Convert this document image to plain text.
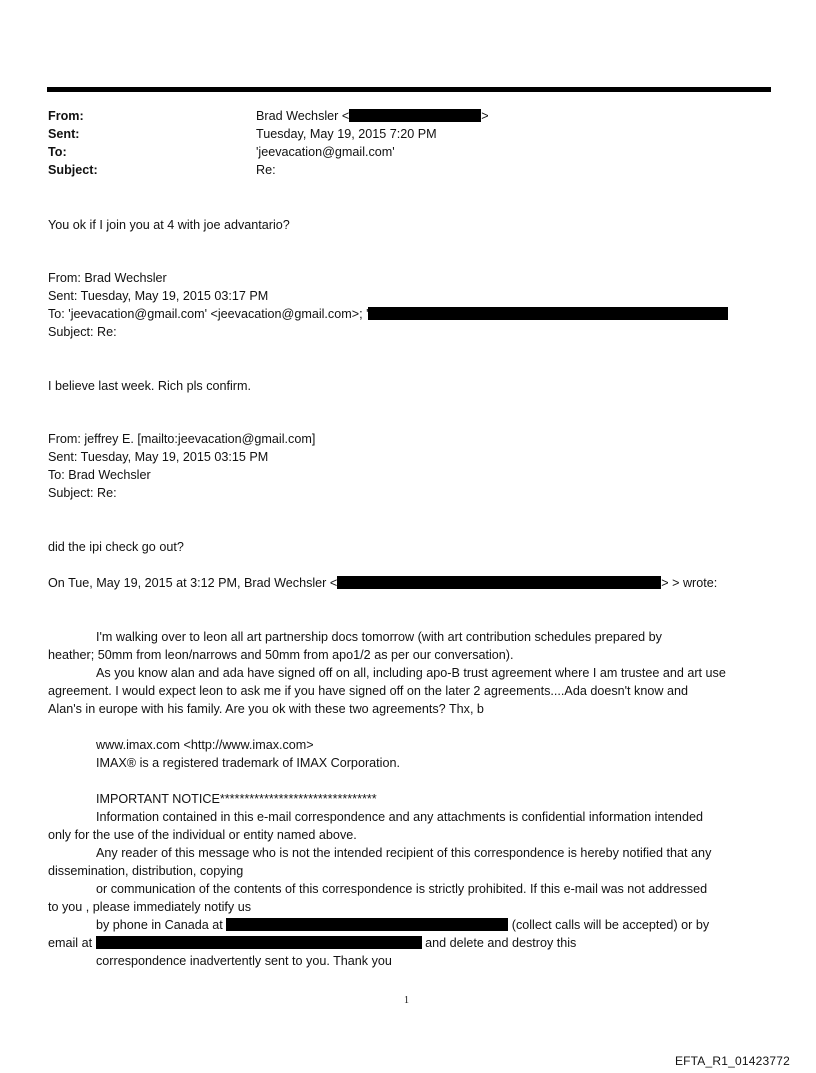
From:	Brad Wechsler <	>
Sent:	Tuesday, May 19, 2015 7:20 PM
To:	'jeevacation@gmail.com'
Subject:	Re:
You ok if I join you at 4 with joe advantario?
From: Brad Wechsler
Sent: Tuesday, May 19, 2015 03:17 PM
To: 'jeevacation@gmail.com' <jeevacation@gmail.com>; '
Subject: Re:
I believe last week. Rich pls confirm.
From: jeffrey E. [mailto:jeevacation@gmail.com]
Sent: Tuesday, May 19, 2015 03:15 PM
To: Brad Wechsler
Subject: Re:
did the ipi check go out?
On Tue, May 19, 2015 at 3:12 PM, Brad Wechsler <	> > wrote:
I'm walking over to leon all art partnership docs tomorrow (with art contribution schedules prepared by
heather; 50mm from leon/narrows and 50mm from apo1/2 as per our conversation).
As you know alan and ada have signed off on all, including apo-B trust agreement where I am trustee and art use
agreement. I would expect leon to ask me if you have signed off on the later 2 agreements....Ada doesn't know and
Alan's in europe with his family. Are you ok with these two agreements? Thx, b
www.imax.com <http://www.imax.com>
IMAX® is a registered trademark of IMAX Corporation.
IMPORTANT NOTICE********************************
Information contained in this e-mail correspondence and any attachments is confidential information intended
only for the use of the individual or entity named above.
Any reader of this message who is not the intended recipient of this correspondence is hereby notified that any
dissemination, distribution, copying
or communication of the contents of this correspondence is strictly prohibited. If this e-mail was not addressed
to you , please immediately notify us
by phone in Canada at	(collect calls will be accepted) or by
email at	and delete and destroy this
correspondence inadvertently sent to you. Thank you
1
EFTA_R1_01423772
